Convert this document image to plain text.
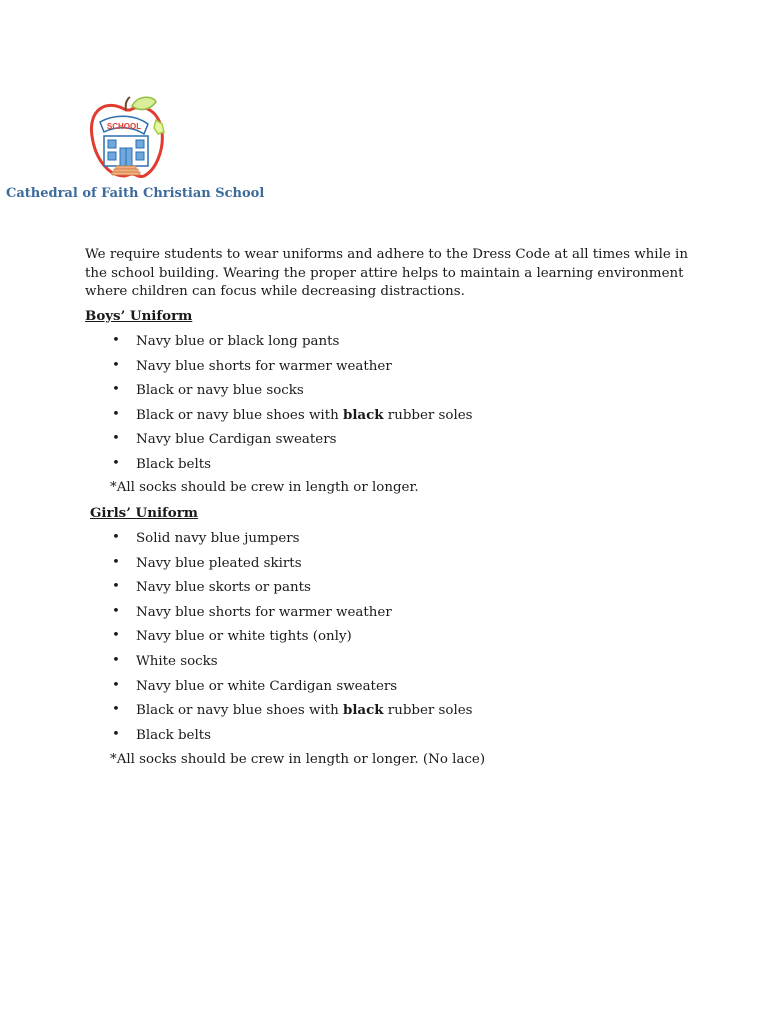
SCHOOL
Cathedral of Faith Christian School
We require students to wear uniforms and adhere to the Dress Code at all times while in the school building. Wearing the proper attire helps to maintain a learning environment where children can focus while decreasing distractions.
Boys’ Uniform
• Navy blue or black long pants
• Navy blue shorts for warmer weather
• Black or navy blue socks
• Black or navy blue shoes with black rubber soles
• Navy blue Cardigan sweaters
• Black belts
*All socks should be crew in length or longer.
Girls’ Uniform
• Solid navy blue jumpers
• Navy blue pleated skirts
• Navy blue skorts or pants
• Navy blue shorts for warmer weather
• Navy blue or white tights (only)
• White socks
• Navy blue or white Cardigan sweaters
• Black or navy blue shoes with black rubber soles
• Black belts
*All socks should be crew in length or longer. (No lace)
